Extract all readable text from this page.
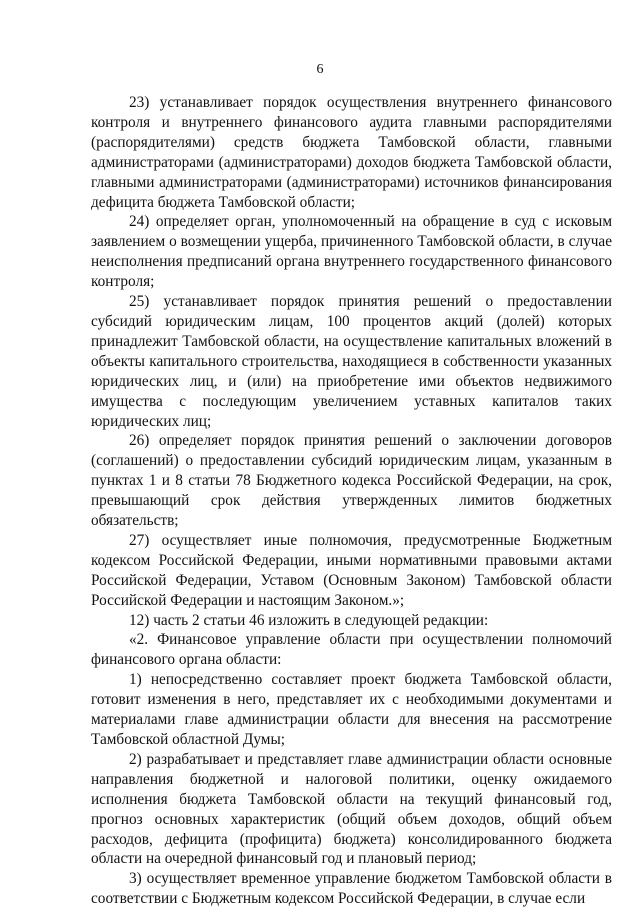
6

23) устанавливает порядок осуществления внутреннего финансового контроля и внутреннего финансового аудита главными распорядителями (распорядителями) средств бюджета Тамбовской области, главными администраторами (администраторами) доходов бюджета Тамбовской области, главными администраторами (администраторами) источников финансирования дефицита бюджета Тамбовской области;

24) определяет орган, уполномоченный на обращение в суд с исковым заявлением о возмещении ущерба, причиненного Тамбовской области, в случае неисполнения предписаний органа внутреннего государственного финансового контроля;

25) устанавливает порядок принятия решений о предоставлении субсидий юридическим лицам, 100 процентов акций (долей) которых принадлежит Тамбовской области, на осуществление капитальных вложений в объекты капитального строительства, находящиеся в собственности указанных юридических лиц, и (или) на приобретение ими объектов недвижимого имущества с последующим увеличением уставных капиталов таких юридических лиц;

26) определяет порядок принятия решений о заключении договоров (соглашений) о предоставлении субсидий юридическим лицам, указанным в пунктах 1 и 8 статьи 78 Бюджетного кодекса Российской Федерации, на срок, превышающий срок действия утвержденных лимитов бюджетных обязательств;

27) осуществляет иные полномочия, предусмотренные Бюджетным кодексом Российской Федерации, иными нормативными правовыми актами Российской Федерации, Уставом (Основным Законом) Тамбовской области Российской Федерации и настоящим Законом.»;

12) часть 2 статьи 46 изложить в следующей редакции:

«2. Финансовое управление области при осуществлении полномочий финансового органа области:

1) непосредственно составляет проект бюджета Тамбовской области, готовит изменения в него, представляет их с необходимыми документами и материалами главе администрации области для внесения на рассмотрение Тамбовской областной Думы;

2) разрабатывает и представляет главе администрации области основные направления бюджетной и налоговой политики, оценку ожидаемого исполнения бюджета Тамбовской области на текущий финансовый год, прогноз основных характеристик (общий объем доходов, общий объем расходов, дефицита (профицита) бюджета) консолидированного бюджета области на очередной финансовый год и плановый период;

3) осуществляет временное управление бюджетом Тамбовской области в соответствии с Бюджетным кодексом Российской Федерации, в случае если
